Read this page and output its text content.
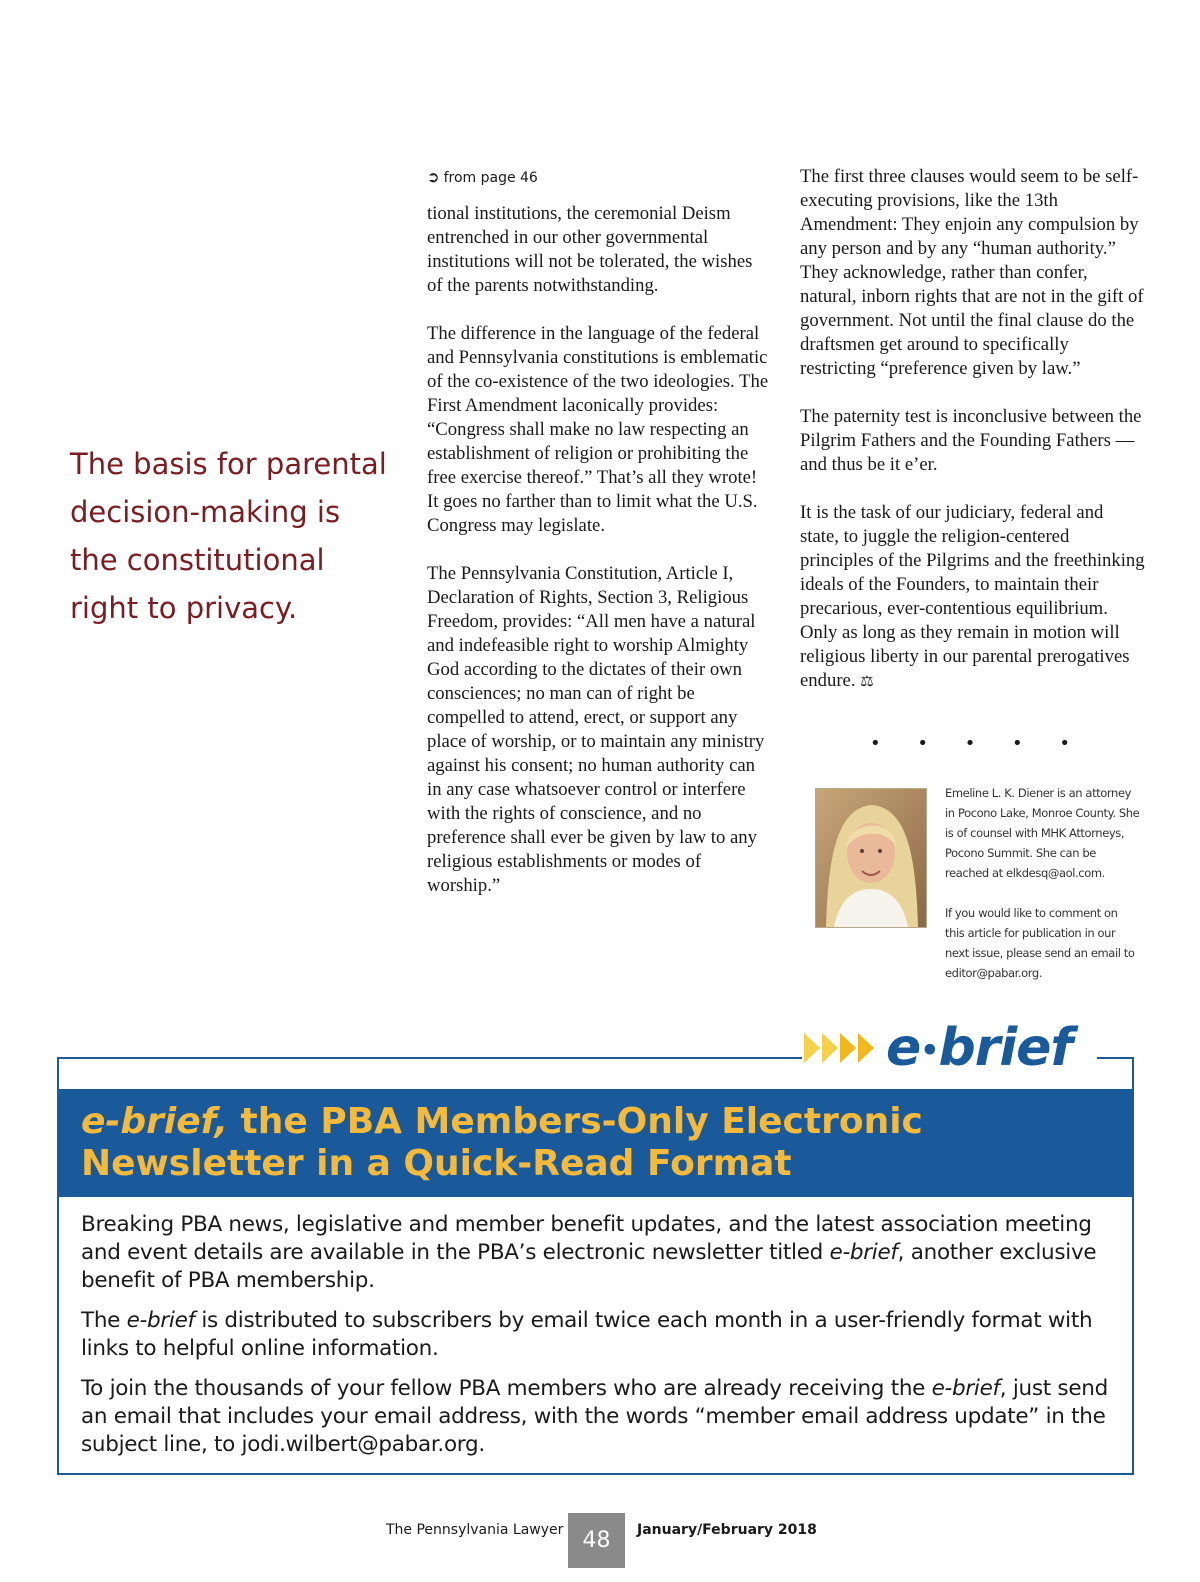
The basis for parental decision-making is the constitutional right to privacy.
➲ from page 46

tional institutions, the ceremonial Deism entrenched in our other governmental institutions will not be tolerated, the wishes of the parents notwithstanding.

The difference in the language of the federal and Pennsylvania constitutions is emblematic of the co-existence of the two ideologies. The First Amendment laconically provides: “Congress shall make no law respecting an establishment of religion or prohibiting the free exercise thereof.” That’s all they wrote! It goes no farther than to limit what the U.S. Congress may legislate.

The Pennsylvania Constitution, Article I, Declaration of Rights, Section 3, Religious Freedom, provides: “All men have a natural and indefeasible right to worship Almighty God according to the dictates of their own consciences; no man can of right be compelled to attend, erect, or support any place of worship, or to maintain any ministry against his consent; no human authority can in any case whatsoever control or interfere with the rights of conscience, and no preference shall ever be given by law to any religious establishments or modes of worship.”

The first three clauses would seem to be self-executing provisions, like the 13th Amendment: They enjoin any compulsion by any person and by any “human authority.” They acknowledge, rather than confer, natural, inborn rights that are not in the gift of government. Not until the final clause do the draftsmen get around to specifically restricting “preference given by law.”

The paternity test is inconclusive between the Pilgrim Fathers and the Founding Fathers — and thus be it e’er.

It is the task of our judiciary, federal and state, to juggle the religion-centered principles of the Pilgrims and the freethinking ideals of the Founders, to maintain their precarious, ever-contentious equilibrium. Only as long as they remain in motion will religious liberty in our parental prerogatives endure. ⚖

• • • • •

Emeline L. K. Diener is an attorney in Pocono Lake, Monroe County. She is of counsel with MHK Attorneys, Pocono Summit. She can be reached at elkdesq@aol.com.

If you would like to comment on this article for publication in our next issue, please send an email to editor@pabar.org.

e•brief
e-brief, the PBA Members-Only Electronic Newsletter in a Quick-Read Format

Breaking PBA news, legislative and member benefit updates, and the latest association meeting and event details are available in the PBA’s electronic newsletter titled e-brief, another exclusive benefit of PBA membership.

The e-brief is distributed to subscribers by email twice each month in a user-friendly format with links to helpful online information.

To join the thousands of your fellow PBA members who are already receiving the e-brief, just send an email that includes your email address, with the words “member email address update” in the subject line, to jodi.wilbert@pabar.org.

The Pennsylvania Lawyer 48	January/February 2018
